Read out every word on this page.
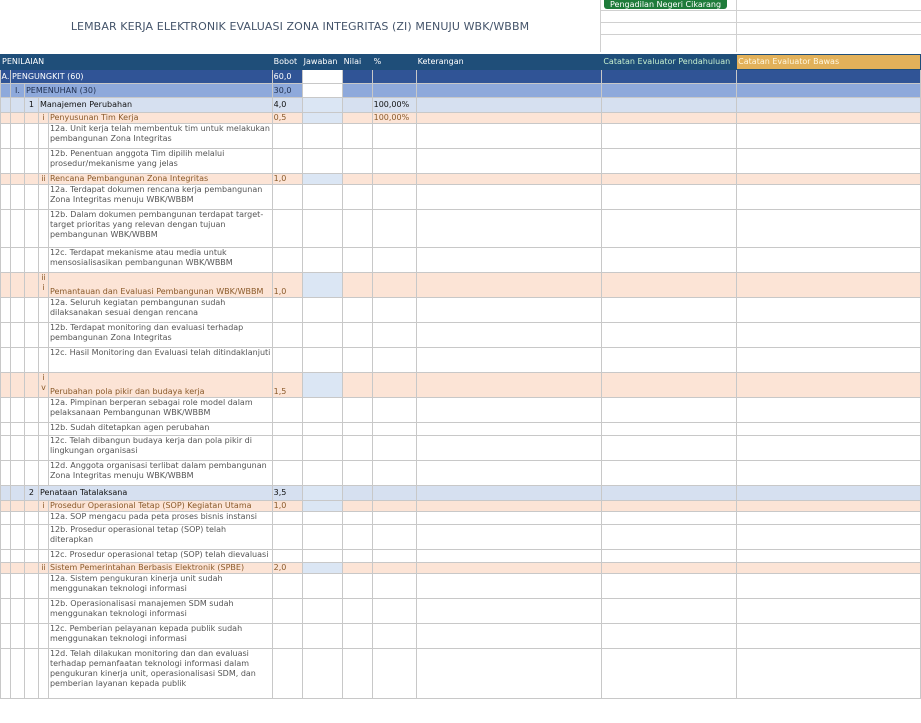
LEMBAR KERJA ELEKTRONIK EVALUASI ZONA INTEGRITAS (ZI) MENUJU WBK/WBBM
Pengadilan Negeri Cikarang
PENILAIAN					Bobot	Jawaban	Nilai	%	Keterangan	Catatan Evaluator Pendahuluan	Catatan Evaluator Bawas
A.	PENGUNGKIT (60)				60,0						
	I.	PEMENUHAN (30)			30,0						
		1	Manajemen Perubahan		4,0			100,00%			
			i	Penyusunan Tim Kerja	0,5			100,00%			
				12a. Unit kerja telah membentuk tim untuk melakukan pembangunan Zona Integritas							
				12b. Penentuan anggota Tim dipilih melalui prosedur/mekanisme yang jelas							
			ii	Rencana Pembangunan Zona Integritas	1,0						
				12a. Terdapat dokumen rencana kerja pembangunan Zona Integritas menuju WBK/WBBM							
				12b. Dalam dokumen pembangunan terdapat target-target prioritas yang relevan dengan tujuan pembangunan WBK/WBBM							
				12c. Terdapat mekanisme atau media untuk mensosialisasikan pembangunan WBK/WBBM							
			ii i	Pemantauan dan Evaluasi Pembangunan WBK/WBBM	1,0						
				12a. Seluruh kegiatan pembangunan sudah dilaksanakan sesuai dengan rencana							
				12b. Terdapat monitoring dan evaluasi terhadap pembangunan Zona Integritas							
				12c. Hasil Monitoring dan Evaluasi telah ditindaklanjuti							
			i v	Perubahan pola pikir dan budaya kerja	1,5						
				12a. Pimpinan berperan sebagai role model dalam pelaksanaan Pembangunan WBK/WBBM							
				12b. Sudah ditetapkan agen perubahan							
				12c. Telah dibangun budaya kerja dan pola pikir di lingkungan organisasi							
				12d. Anggota organisasi terlibat dalam pembangunan Zona Integritas menuju WBK/WBBM							
		2	Penataan Tatalaksana		3,5						
			i	Prosedur Operasional Tetap (SOP) Kegiatan Utama	1,0						
				12a. SOP mengacu pada peta proses bisnis instansi							
				12b. Prosedur operasional tetap (SOP) telah diterapkan							
				12c. Prosedur operasional tetap (SOP) telah dievaluasi							
			ii	Sistem Pemerintahan Berbasis Elektronik (SPBE)	2,0						
				12a. Sistem pengukuran kinerja unit sudah menggunakan teknologi informasi							
				12b. Operasionalisasi manajemen SDM sudah menggunakan teknologi informasi							
				12c. Pemberian pelayanan kepada publik sudah menggunakan teknologi informasi							
				12d. Telah dilakukan monitoring dan dan evaluasi terhadap pemanfaatan teknologi informasi dalam pengukuran kinerja unit, operasionalisasi SDM, dan pemberian layanan kepada publik							
